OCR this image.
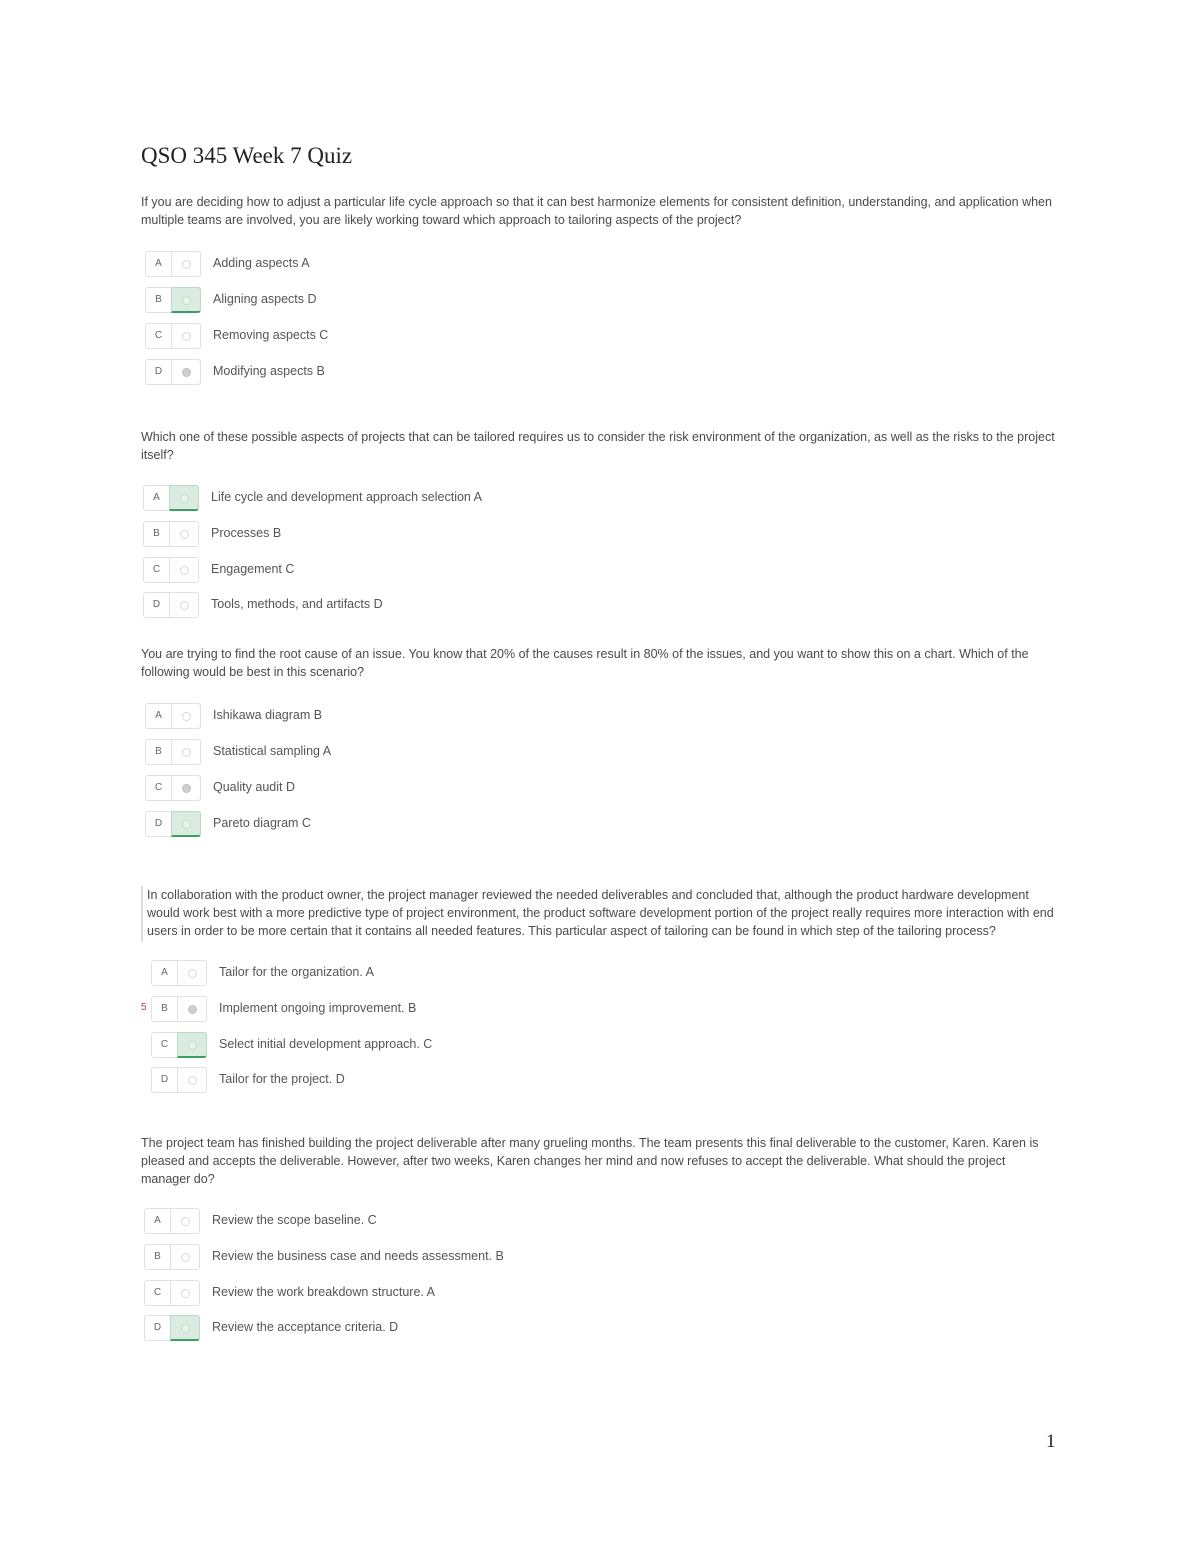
QSO 345 Week 7 Quiz
If you are deciding how to adjust a particular life cycle approach so that it can best harmonize elements for consistent definition, understanding, and application when multiple teams are involved, you are likely working toward which approach to tailoring aspects of the project?
A	Adding aspects A
B	Aligning aspects D
C	Removing aspects C
D	Modifying aspects B
Which one of these possible aspects of projects that can be tailored requires us to consider the risk environment of the organization, as well as the risks to the project itself?
A	Life cycle and development approach selection A
B	Processes B
C	Engagement C
D	Tools, methods, and artifacts D
You are trying to find the root cause of an issue. You know that 20% of the causes result in 80% of the issues, and you want to show this on a chart. Which of the following would be best in this scenario?
A	Ishikawa diagram B
B	Statistical sampling A
C	Quality audit D
D	Pareto diagram C
In collaboration with the product owner, the project manager reviewed the needed deliverables and concluded that, although the product hardware development would work best with a more predictive type of project environment, the product software development portion of the project really requires more interaction with end users in order to be more certain that it contains all needed features. This particular aspect of tailoring can be found in which step of the tailoring process?
5
A	Tailor for the organization. A
B	Implement ongoing improvement. B
C	Select initial development approach. C
D	Tailor for the project. D
The project team has finished building the project deliverable after many grueling months. The team presents this final deliverable to the customer, Karen. Karen is pleased and accepts the deliverable. However, after two weeks, Karen changes her mind and now refuses to accept the deliverable. What should the project manager do?
A	Review the scope baseline. C
B	Review the business case and needs assessment. B
C	Review the work breakdown structure. A
D	Review the acceptance criteria. D
1
